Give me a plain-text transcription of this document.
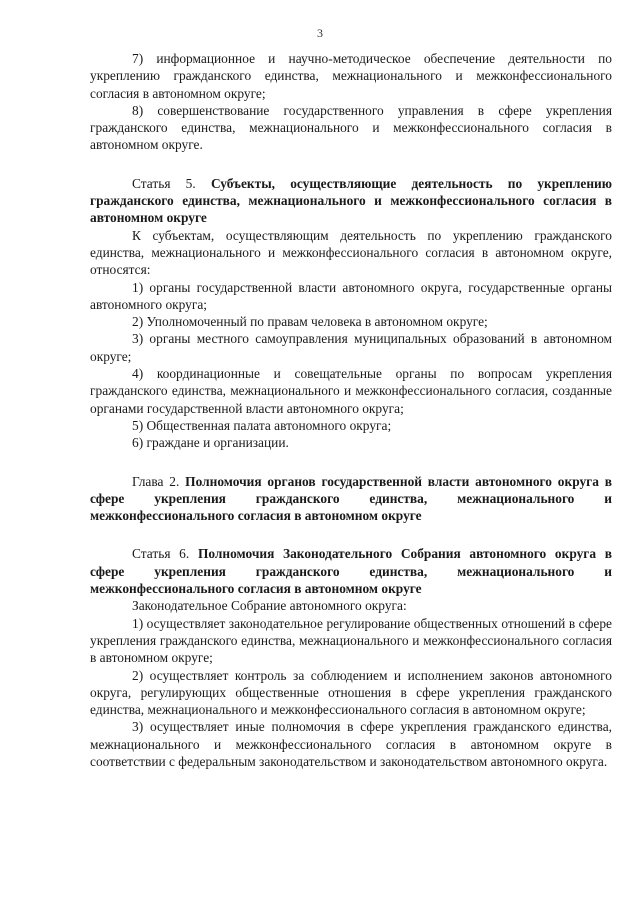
3

7) информационное и научно-методическое обеспечение деятельности по укреплению гражданского единства, межнационального и межконфессионального согласия в автономном округе;

8) совершенствование государственного управления в сфере укрепления гражданского единства, межнационального и межконфессионального согласия в автономном округе.

Статья 5. Субъекты, осуществляющие деятельность по укреплению гражданского единства, межнационального и межконфессионального согласия в автономном округе

К субъектам, осуществляющим деятельность по укреплению гражданского единства, межнационального и межконфессионального согласия в автономном округе, относятся:

1) органы государственной власти автономного округа, государственные органы автономного округа;

2) Уполномоченный по правам человека в автономном округе;

3) органы местного самоуправления муниципальных образований в автономном округе;

4) координационные и совещательные органы по вопросам укрепления гражданского единства, межнационального и межконфессионального согласия, созданные органами государственной власти автономного округа;

5) Общественная палата автономного округа;

6) граждане и организации.

Глава 2. Полномочия органов государственной власти автономного округа в сфере укрепления гражданского единства, межнационального и межконфессионального согласия в автономном округе

Статья 6. Полномочия Законодательного Собрания автономного округа в сфере укрепления гражданского единства, межнационального и межконфессионального согласия в автономном округе

Законодательное Собрание автономного округа:

1) осуществляет законодательное регулирование общественных отношений в сфере укрепления гражданского единства, межнационального и межконфессионального согласия в автономном округе;

2) осуществляет контроль за соблюдением и исполнением законов автономного округа, регулирующих общественные отношения в сфере укрепления гражданского единства, межнационального и межконфессионального согласия в автономном округе;

3) осуществляет иные полномочия в сфере укрепления гражданского единства, межнационального и межконфессионального согласия в автономном округе в соответствии с федеральным законодательством и законодательством автономного округа.
